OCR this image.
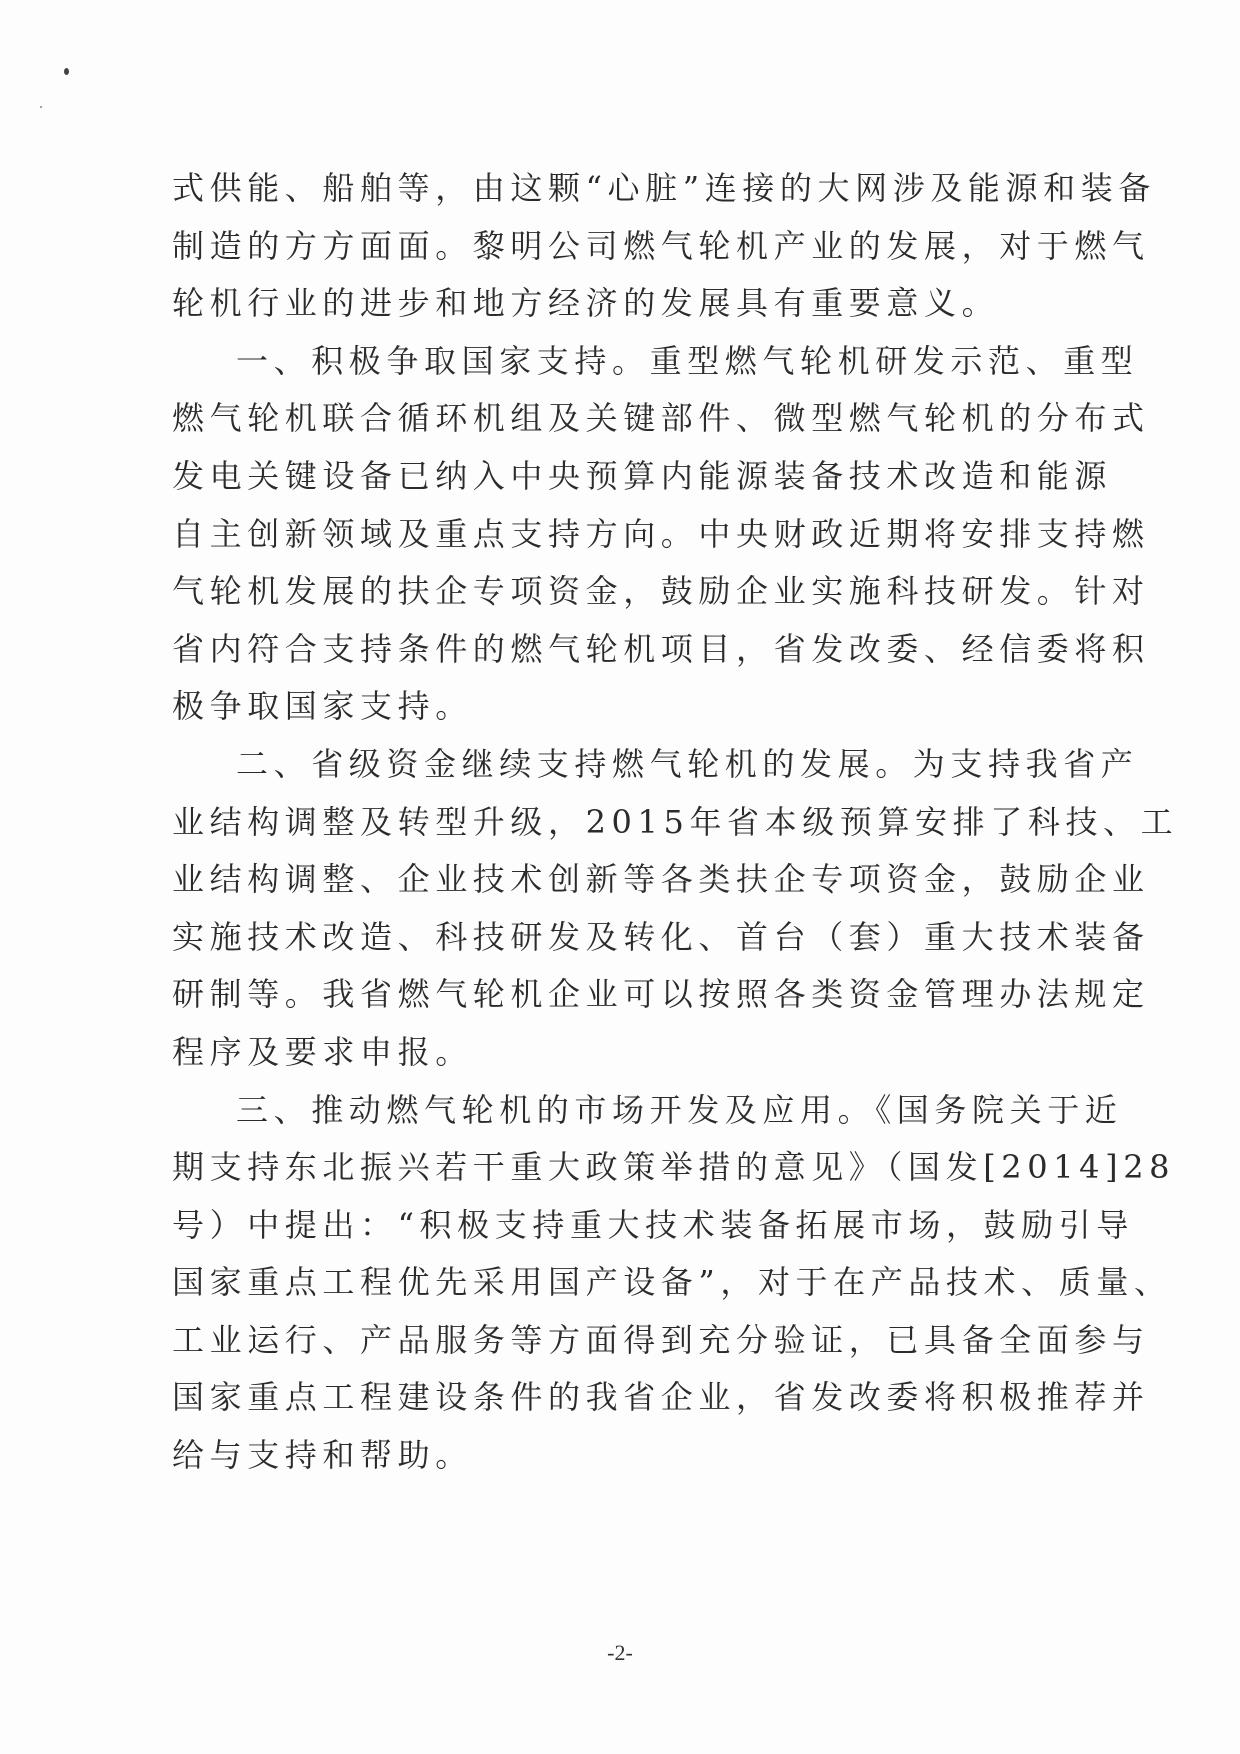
式供能、船舶等，由这颗“心脏”连接的大网涉及能源和装备
制造的方方面面。黎明公司燃气轮机产业的发展，对于燃气
轮机行业的进步和地方经济的发展具有重要意义。
一、积极争取国家支持。重型燃气轮机研发示范、重型
燃气轮机联合循环机组及关键部件、微型燃气轮机的分布式
发电关键设备已纳入中央预算内能源装备技术改造和能源
自主创新领域及重点支持方向。中央财政近期将安排支持燃
气轮机发展的扶企专项资金，鼓励企业实施科技研发。针对
省内符合支持条件的燃气轮机项目，省发改委、经信委将积
极争取国家支持。
二、省级资金继续支持燃气轮机的发展。为支持我省产
业结构调整及转型升级，2015年省本级预算安排了科技、工
业结构调整、企业技术创新等各类扶企专项资金，鼓励企业
实施技术改造、科技研发及转化、首台（套）重大技术装备
研制等。我省燃气轮机企业可以按照各类资金管理办法规定
程序及要求申报。
三、推动燃气轮机的市场开发及应用。《国务院关于近
期支持东北振兴若干重大政策举措的意见》（国发[2014]28
号）中提出：“积极支持重大技术装备拓展市场，鼓励引导
国家重点工程优先采用国产设备”，对于在产品技术、质量、
工业运行、产品服务等方面得到充分验证，已具备全面参与
国家重点工程建设条件的我省企业，省发改委将积极推荐并
给与支持和帮助。
-2-
